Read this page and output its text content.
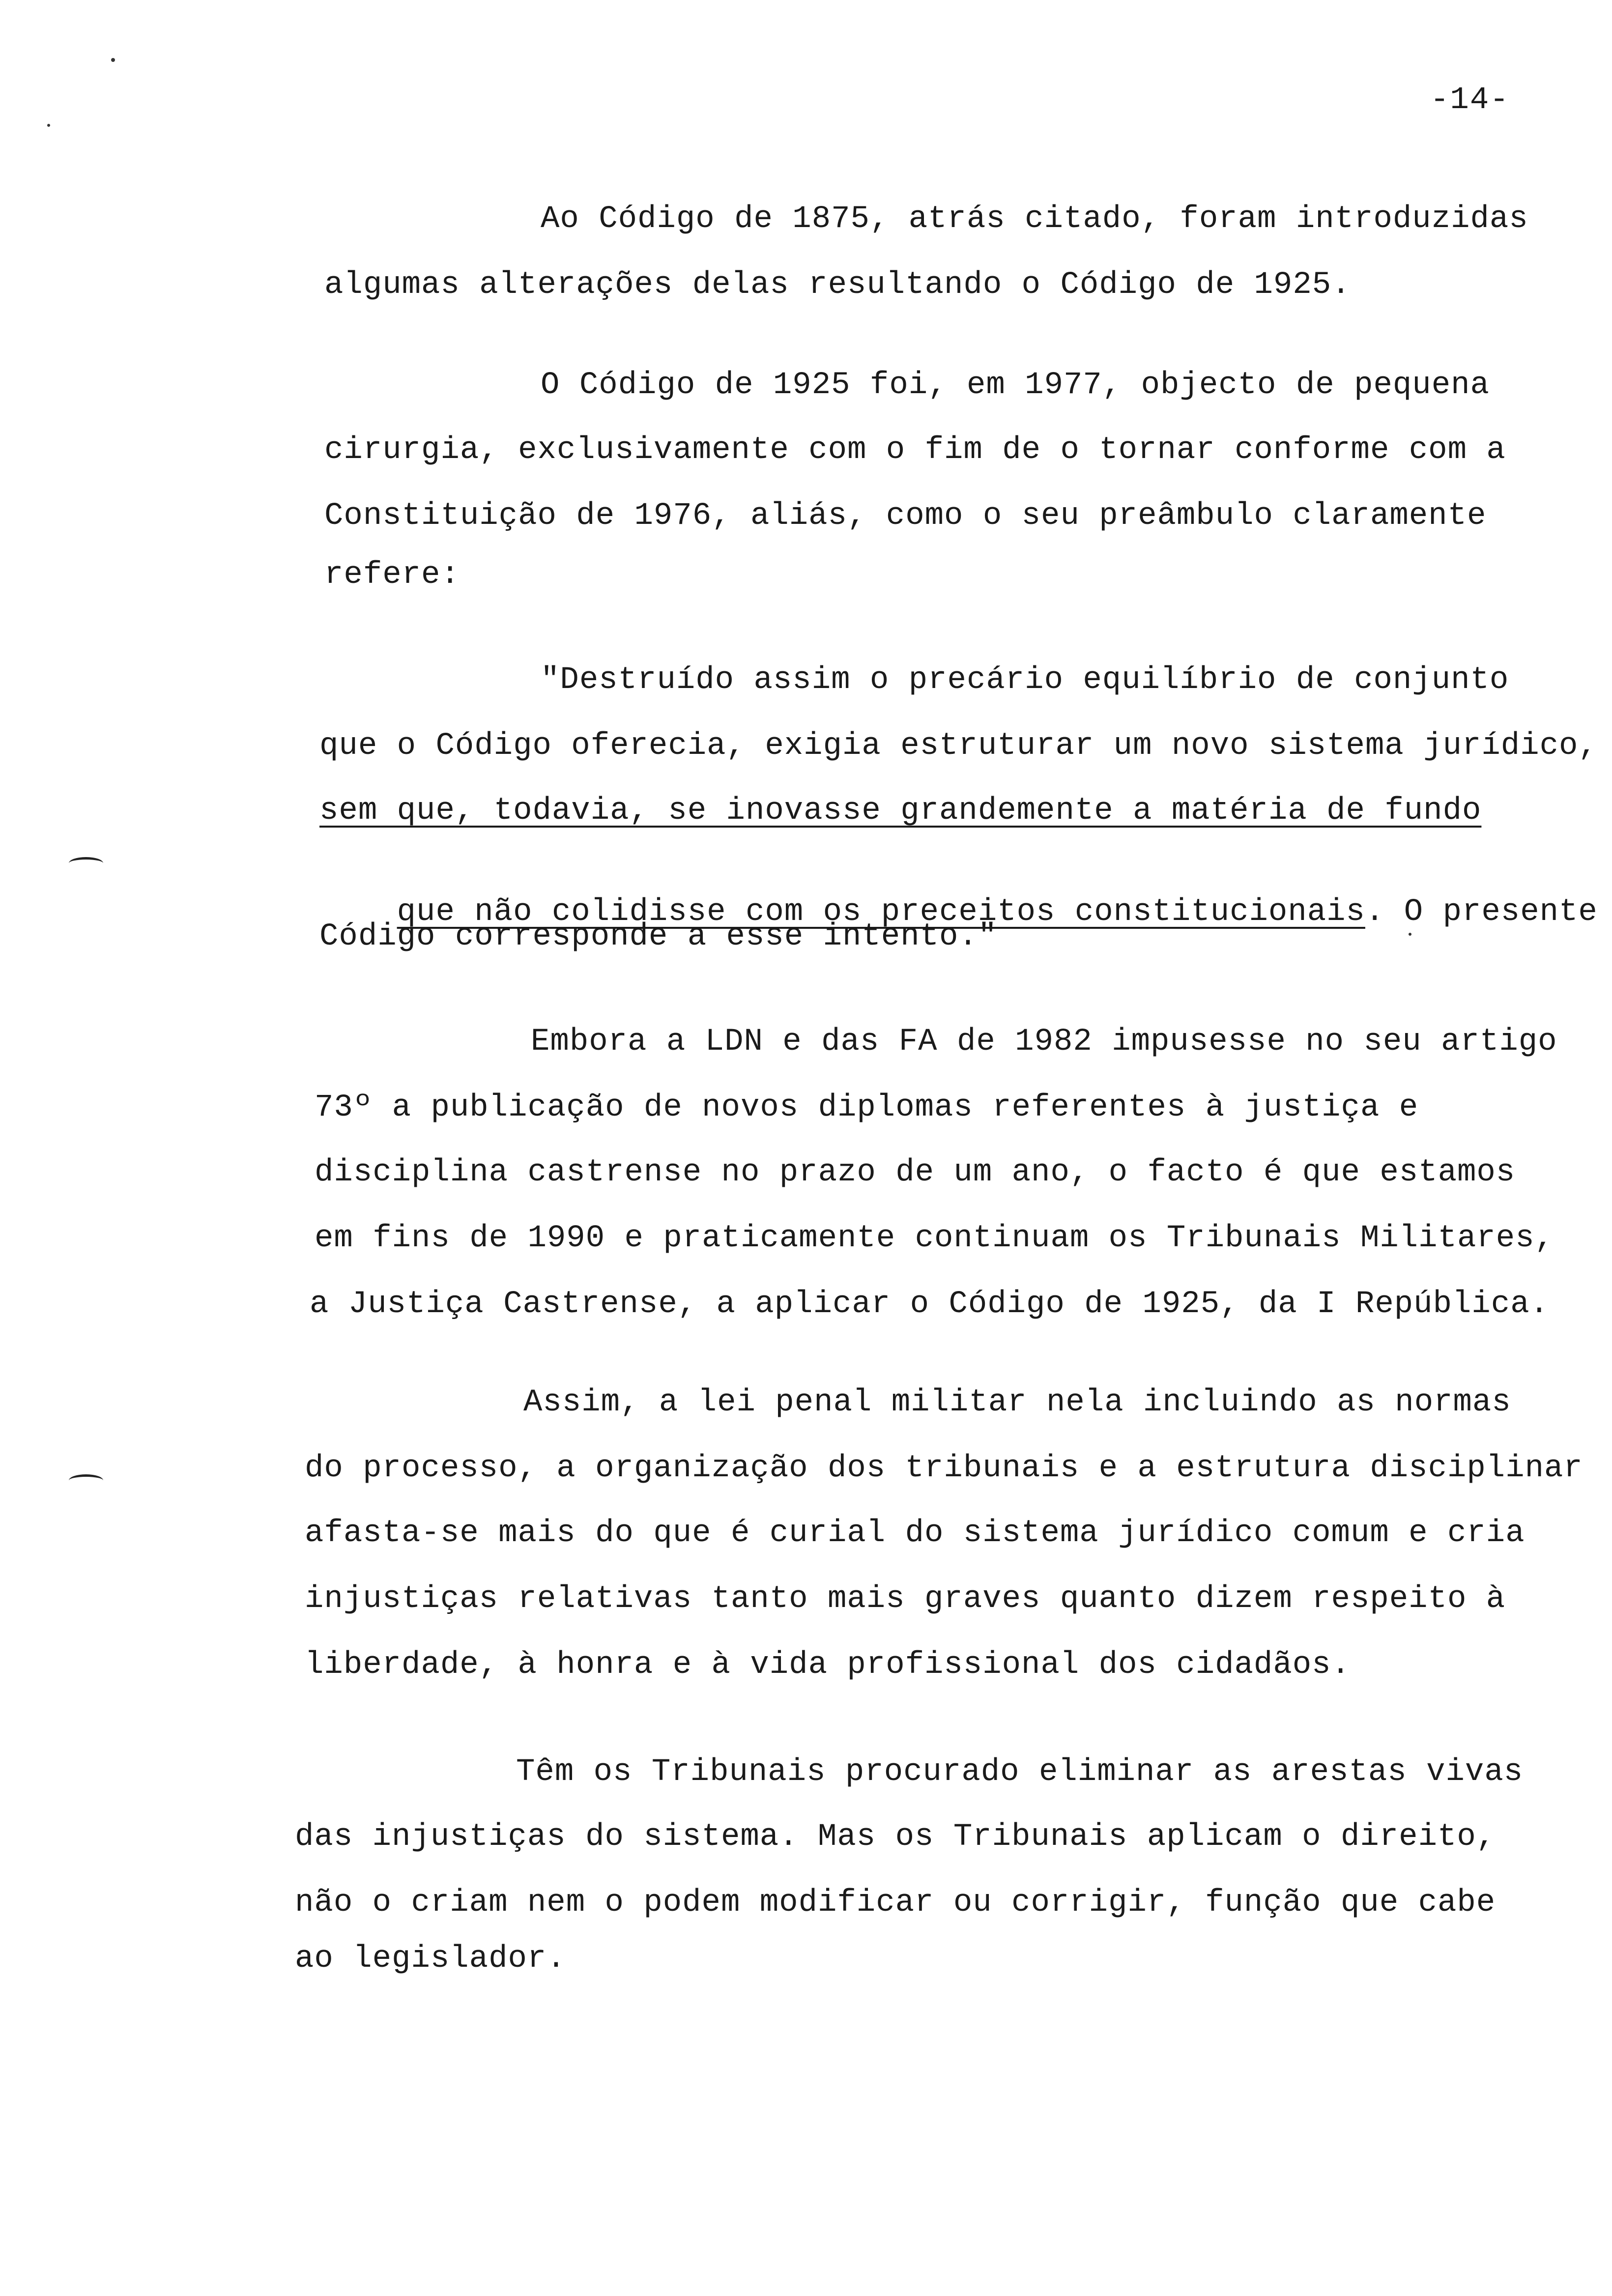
-14-
Ao Código de 1875, atrás citado, foram introduzidas
algumas alterações delas resultando o Código de 1925.
O Código de 1925 foi, em 1977, objecto de pequena
cirurgia, exclusivamente com o fim de o tornar conforme com a
Constituição de 1976, aliás, como o seu preâmbulo claramente
refere:
"Destruído assim o precário equilíbrio de conjunto
que o Código oferecia, exigia estruturar um novo sistema jurídico,
sem que, todavia, se inovasse grandemente a matéria de fundo

que não colidisse com os preceitos constitucionais. O presente

Código corresponde a esse intento."
Embora a LDN e das FA de 1982 impusesse no seu artigo
73º a publicação de novos diplomas referentes à justiça e
disciplina castrense no prazo de um ano, o facto é que estamos
em fins de 1990 e praticamente continuam os Tribunais Militares,
a Justiça Castrense, a aplicar o Código de 1925, da I República.
Assim, a lei penal militar nela incluindo as normas
do processo, a organização dos tribunais e a estrutura disciplinar
afasta-se mais do que é curial do sistema jurídico comum e cria
injustiças relativas tanto mais graves quanto dizem respeito à
liberdade, à honra e à vida profissional dos cidadãos.
Têm os Tribunais procurado eliminar as arestas vivas
das injustiças do sistema. Mas os Tribunais aplicam o direito,
não o criam nem o podem modificar ou corrigir, função que cabe
ao legislador.
